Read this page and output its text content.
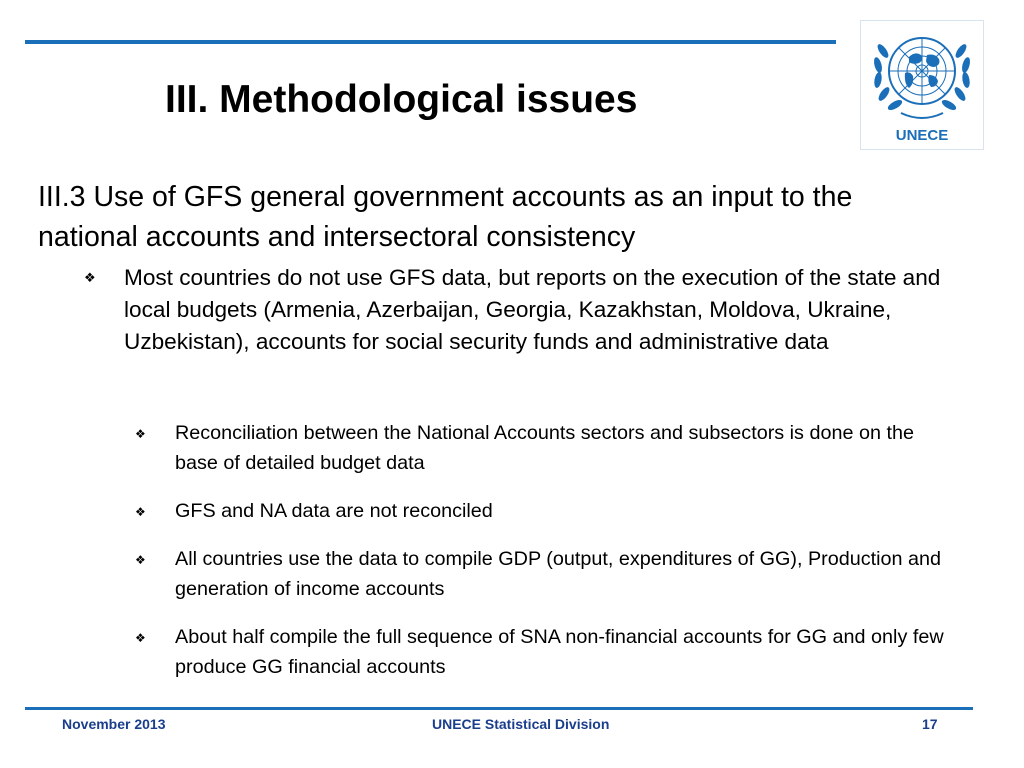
UNECE
III. Methodological issues

III.3 Use of GFS general government accounts as an input to the national accounts and intersectoral consistency

❖ Most countries do not use GFS data, but reports on the execution of the state and local budgets (Armenia, Azerbaijan, Georgia, Kazakhstan, Moldova, Ukraine, Uzbekistan), accounts for social security funds and administrative data
❖ Reconciliation between the National Accounts sectors and subsectors is done on the base of detailed budget data
❖ GFS and NA data are not reconciled
❖ All countries use the data to compile GDP (output, expenditures of GG), Production and generation of income accounts
❖ About half compile the full sequence of SNA non-financial accounts for GG and only few produce GG financial accounts
November 2013	UNECE Statistical Division	17
